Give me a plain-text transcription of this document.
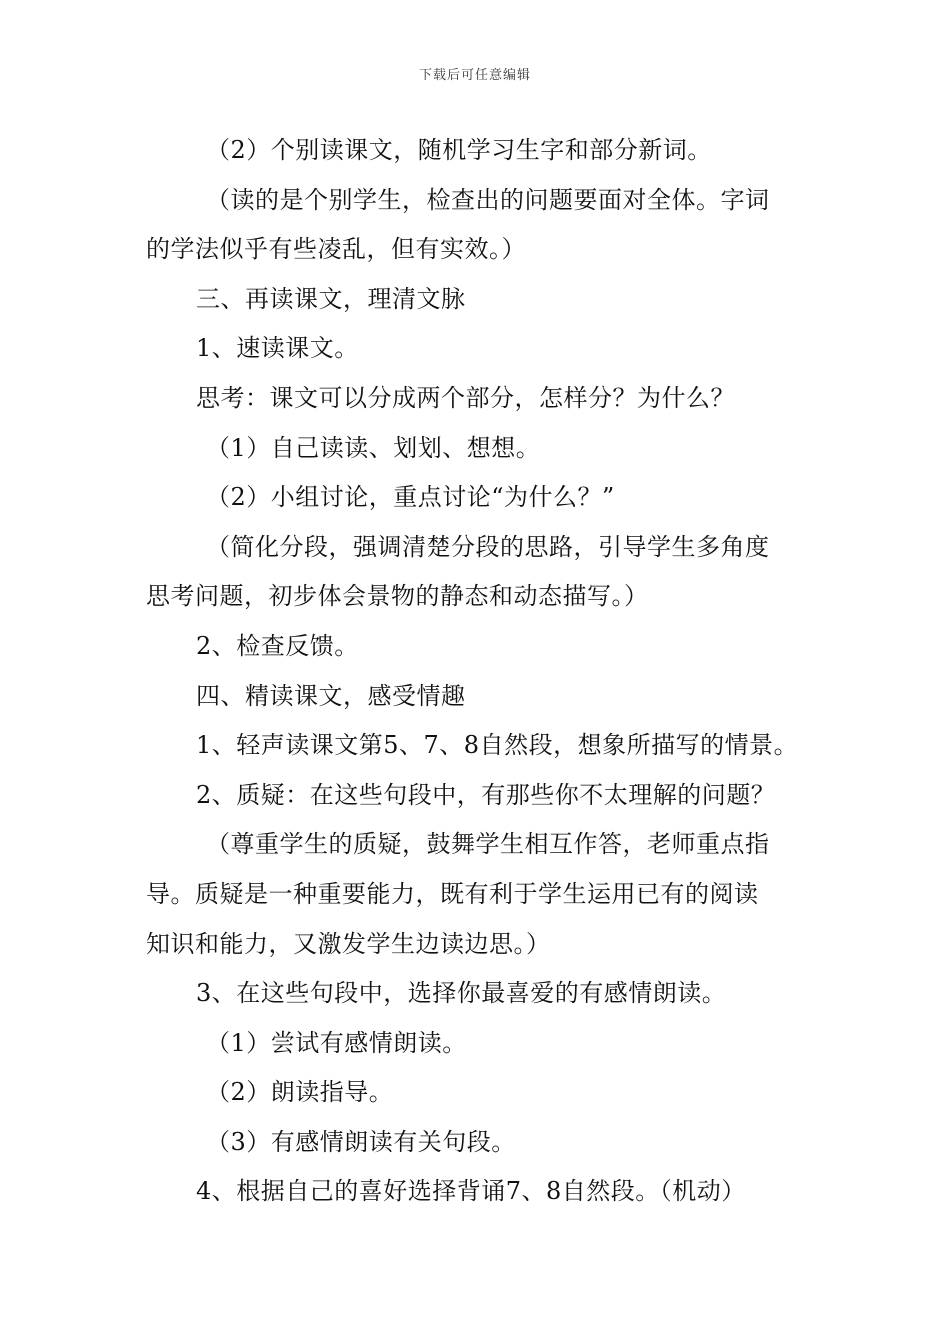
下载后可任意编辑
（2）个别读课文，随机学习生字和部分新词。
（读的是个别学生，检查出的问题要面对全体。字词
的学法似乎有些凌乱，但有实效。）
三、再读课文，理清文脉
1、速读课文。
思考：课文可以分成两个部分，怎样分？为什么？
（1）自己读读、划划、想想。
（2）小组讨论，重点讨论“为什么？”
（简化分段，强调清楚分段的思路，引导学生多角度
思考问题，初步体会景物的静态和动态描写。）
2、检查反馈。
四、精读课文，感受情趣
1、轻声读课文第5、7、8自然段，想象所描写的情景。
2、质疑：在这些句段中，有那些你不太理解的问题？
（尊重学生的质疑，鼓舞学生相互作答，老师重点指
导。质疑是一种重要能力，既有利于学生运用已有的阅读
知识和能力，又激发学生边读边思。）
3、在这些句段中，选择你最喜爱的有感情朗读。
（1）尝试有感情朗读。
（2）朗读指导。
（3）有感情朗读有关句段。
4、根据自己的喜好选择背诵7、8自然段。（机动）
